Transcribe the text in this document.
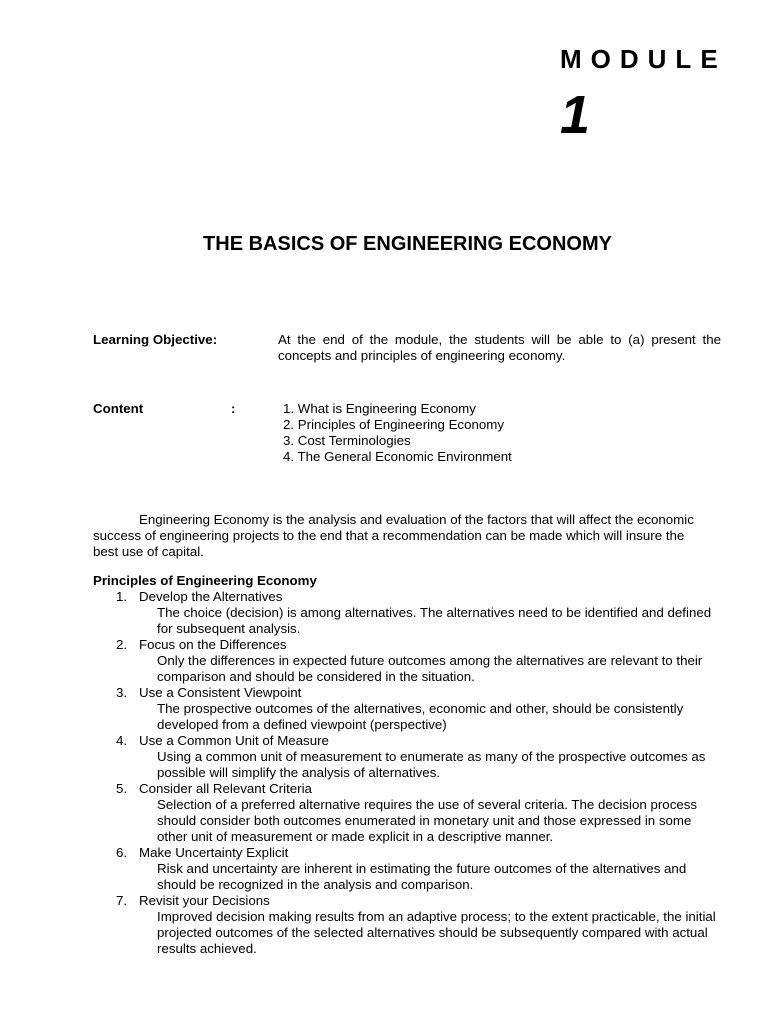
MODULE
1
THE BASICS OF ENGINEERING ECONOMY
Learning Objective:	At the end of the module, the students will be able to (a) present the concepts and principles of engineering economy.
Content	:	1. What is Engineering Economy
2. Principles of Engineering Economy
3. Cost Terminologies
4. The General Economic Environment
Engineering Economy is the analysis and evaluation of the factors that will affect the economic success of engineering projects to the end that a recommendation can be made which will insure the best use of capital.
Principles of Engineering Economy
1. Develop the Alternatives
The choice (decision) is among alternatives. The alternatives need to be identified and defined for subsequent analysis.
2. Focus on the Differences
Only the differences in expected future outcomes among the alternatives are relevant to their comparison and should be considered in the situation.
3. Use a Consistent Viewpoint
The prospective outcomes of the alternatives, economic and other, should be consistently developed from a defined viewpoint (perspective)
4. Use a Common Unit of Measure
Using a common unit of measurement to enumerate as many of the prospective outcomes as possible will simplify the analysis of alternatives.
5. Consider all Relevant Criteria
Selection of a preferred alternative requires the use of several criteria. The decision process should consider both outcomes enumerated in monetary unit and those expressed in some other unit of measurement or made explicit in a descriptive manner.
6. Make Uncertainty Explicit
Risk and uncertainty are inherent in estimating the future outcomes of the alternatives and should be recognized in the analysis and comparison.
7. Revisit your Decisions
Improved decision making results from an adaptive process; to the extent practicable, the initial projected outcomes of the selected alternatives should be subsequently compared with actual results achieved.
